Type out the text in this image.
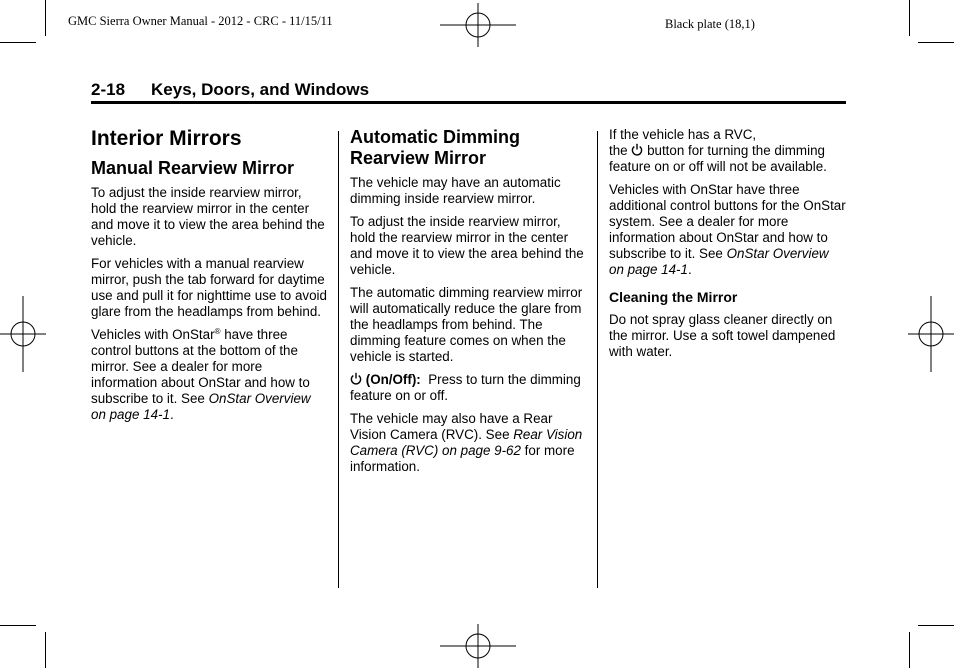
GMC Sierra Owner Manual - 2012 - CRC - 11/15/11	Black plate (18,1)
2-18 Keys, Doors, and Windows
Interior Mirrors
Manual Rearview Mirror

To adjust the inside rearview mirror, hold the rearview mirror in the center and move it to view the area behind the vehicle.

For vehicles with a manual rearview mirror, push the tab forward for daytime use and pull it for nighttime use to avoid glare from the headlamps from behind.

Vehicles with OnStar® have three control buttons at the bottom of the mirror. See a dealer for more information about OnStar and how to subscribe to it. See OnStar Overview on page 14-1.

Automatic Dimming Rearview Mirror

The vehicle may have an automatic dimming inside rearview mirror.

To adjust the inside rearview mirror, hold the rearview mirror in the center and move it to view the area behind the vehicle.

The automatic dimming rearview mirror will automatically reduce the glare from the headlamps from behind. The dimming feature comes on when the vehicle is started.

(On/Off):  Press to turn the dimming feature on or off.

The vehicle may also have a Rear Vision Camera (RVC). See Rear Vision Camera (RVC) on page 9-62 for more information.

If the vehicle has a RVC,
the  button for turning the dimming feature on or off will not be available.

Vehicles with OnStar have three additional control buttons for the OnStar system. See a dealer for more information about OnStar and how to subscribe to it. See OnStar Overview on page 14-1.

Cleaning the Mirror

Do not spray glass cleaner directly on the mirror. Use a soft towel dampened with water.
